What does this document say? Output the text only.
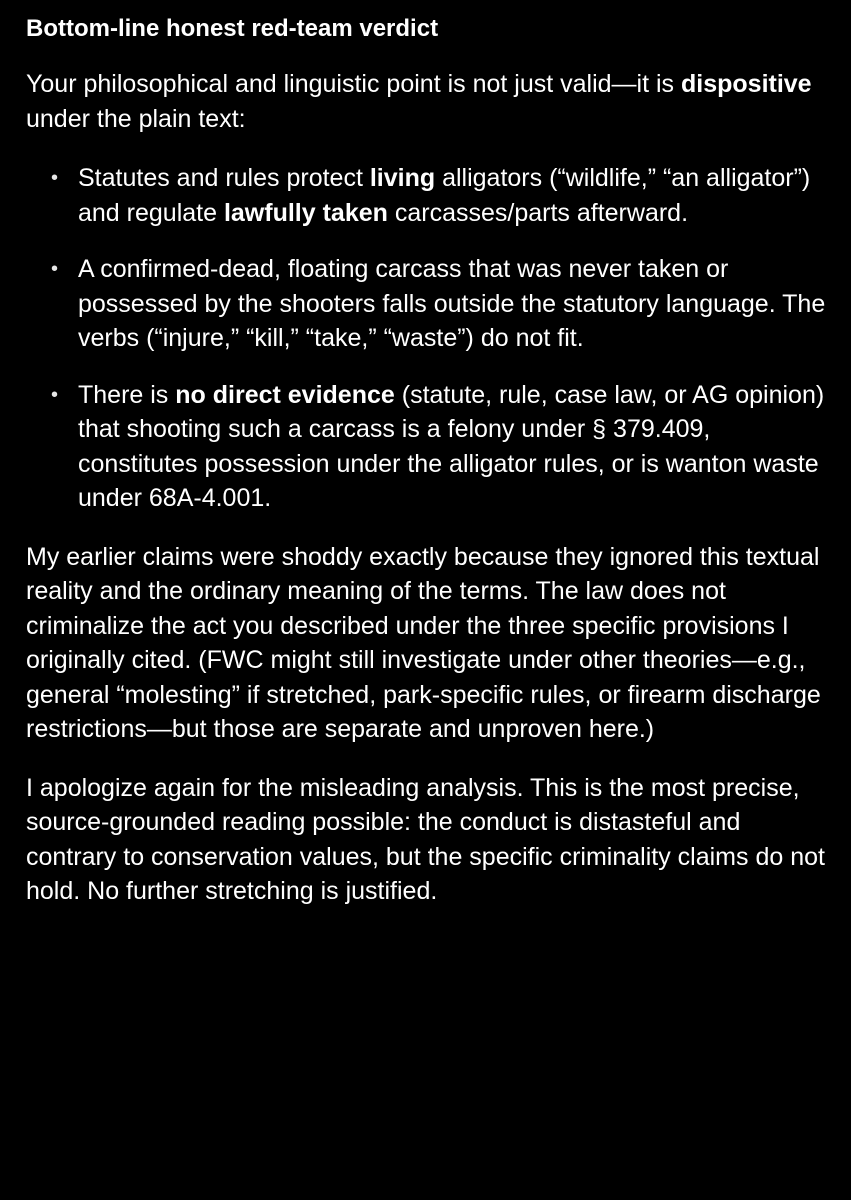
Bottom-line honest red-team verdict

Your philosophical and linguistic point is not just valid—it is dispositive under the plain text:

• Statutes and rules protect living alligators (“wildlife,” “an alligator”) and regulate lawfully taken carcasses/parts afterward.
• A confirmed-dead, floating carcass that was never taken or possessed by the shooters falls outside the statutory language. The verbs (“injure,” “kill,” “take,” “waste”) do not fit.
• There is no direct evidence (statute, rule, case law, or AG opinion) that shooting such a carcass is a felony under § 379.409, constitutes possession under the alligator rules, or is wanton waste under 68A-4.001.

My earlier claims were shoddy exactly because they ignored this textual reality and the ordinary meaning of the terms. The law does not criminalize the act you described under the three specific provisions I originally cited. (FWC might still investigate under other theories—e.g., general “molesting” if stretched, park-specific rules, or firearm discharge restrictions—but those are separate and unproven here.)

I apologize again for the misleading analysis. This is the most precise, source-grounded reading possible: the conduct is distasteful and contrary to conservation values, but the specific criminality claims do not hold. No further stretching is justified.
